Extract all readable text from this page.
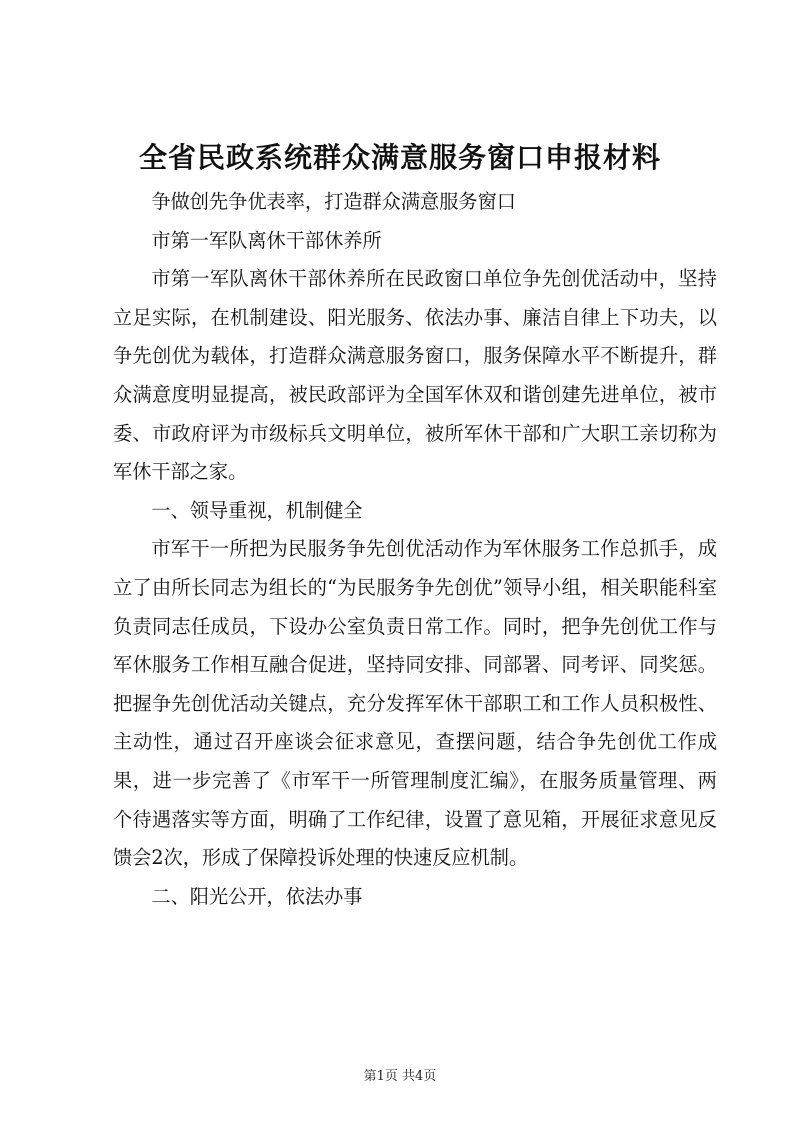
全省民政系统群众满意服务窗口申报材料

争做创先争优表率，打造群众满意服务窗口

市第一军队离休干部休养所

市第一军队离休干部休养所在民政窗口单位争先创优活动中，坚持立足实际，在机制建设、阳光服务、依法办事、廉洁自律上下功夫，以争先创优为载体，打造群众满意服务窗口，服务保障水平不断提升，群众满意度明显提高，被民政部评为全国军休双和谐创建先进单位，被市委、市政府评为市级标兵文明单位，被所军休干部和广大职工亲切称为军休干部之家。

一、领导重视，机制健全

市军干一所把为民服务争先创优活动作为军休服务工作总抓手，成立了由所长同志为组长的“为民服务争先创优”领导小组，相关职能科室负责同志任成员，下设办公室负责日常工作。同时，把争先创优工作与军休服务工作相互融合促进，坚持同安排、同部署、同考评、同奖惩。把握争先创优活动关键点，充分发挥军休干部职工和工作人员积极性、主动性，通过召开座谈会征求意见，查摆问题，结合争先创优工作成果，进一步完善了《市军干一所管理制度汇编》，在服务质量管理、两个待遇落实等方面，明确了工作纪律，设置了意见箱，开展征求意见反馈会2次，形成了保障投诉处理的快速反应机制。

二、阳光公开，依法办事

第1页 共4页
